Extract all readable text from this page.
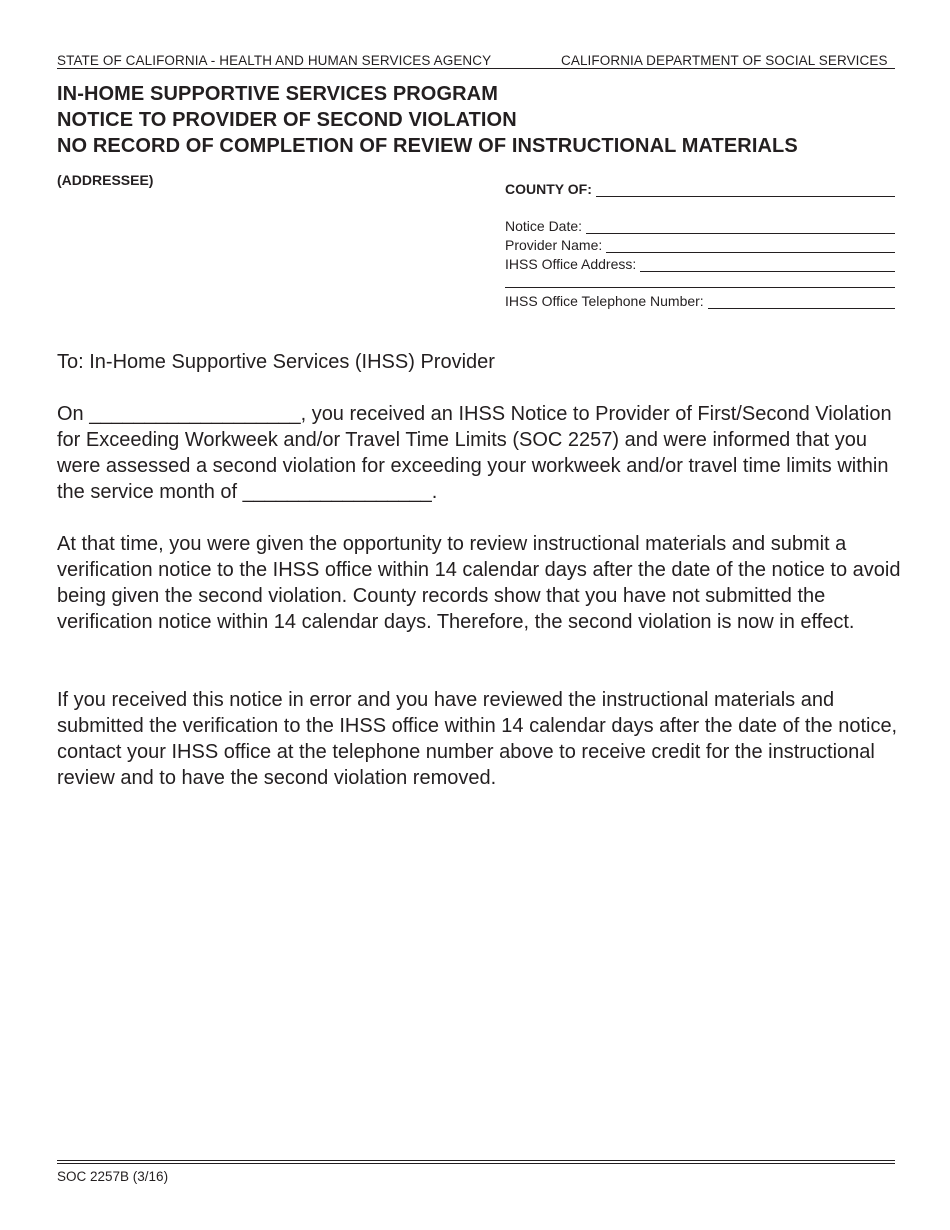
STATE OF CALIFORNIA - HEALTH AND HUMAN SERVICES AGENCY	CALIFORNIA DEPARTMENT OF SOCIAL SERVICES
IN-HOME SUPPORTIVE SERVICES PROGRAM
NOTICE TO PROVIDER OF SECOND VIOLATION
NO RECORD OF COMPLETION OF REVIEW OF INSTRUCTIONAL MATERIALS
(ADDRESSEE)
COUNTY OF:
Notice Date:
Provider Name:
IHSS Office Address:
IHSS Office Telephone Number:
To: In-Home Supportive Services (IHSS) Provider

On ___________________, you received an IHSS Notice to Provider of First/Second Violation for Exceeding Workweek and/or Travel Time Limits (SOC 2257) and were informed that you were assessed a second violation for exceeding your workweek and/or travel time limits within the service month of _________________.

At that time, you were given the opportunity to review instructional materials and submit a verification notice to the IHSS office within 14 calendar days after the date of the notice to avoid being given the second violation. County records show that you have not submitted the verification notice within 14 calendar days. Therefore, the second violation is now in effect.

If you received this notice in error and you have reviewed the instructional materials and submitted the verification to the IHSS office within 14 calendar days after the date of the notice, contact your IHSS office at the telephone number above to receive credit for the instructional review and to have the second violation removed.

SOC 2257B (3/16)
